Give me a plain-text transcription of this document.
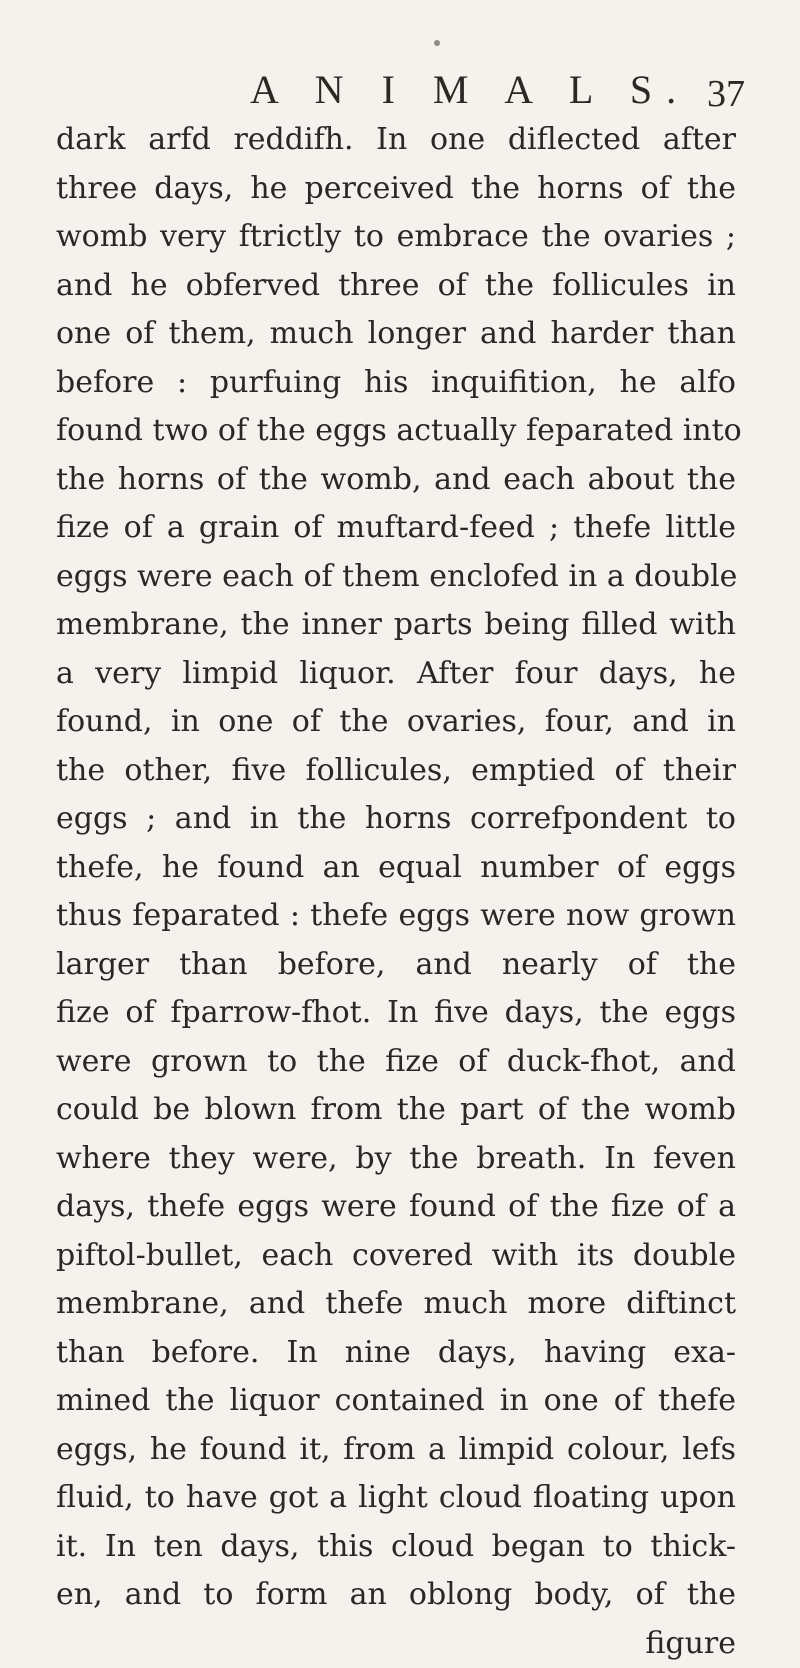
A N I M A L S. 37
dark arfd reddifh. In one diflected after
three days, he perceived the horns of the
womb very ftrictly to embrace the ovaries ;
and he obferved three of the follicules in
one of them, much longer and harder than
before : purfuing his inquifition, he alfo
found two of the eggs actually feparated into
the horns of the womb, and each about the
fize of a grain of muftard-feed ; thefe little
eggs were each of them enclofed in a double
membrane, the inner parts being filled with
a very limpid liquor. After four days, he
found, in one of the ovaries, four, and in
the other, five follicules, emptied of their
eggs ; and in the horns correfpondent to
thefe, he found an equal number of eggs
thus feparated : thefe eggs were now grown
larger than before, and nearly of the
fize of fparrow-fhot. In five days, the eggs
were grown to the fize of duck-fhot, and
could be blown from the part of the womb
where they were, by the breath. In feven
days, thefe eggs were found of the fize of a
piftol-bullet, each covered with its double
membrane, and thefe much more diftinct
than before. In nine days, having exa-
mined the liquor contained in one of thefe
eggs, he found it, from a limpid colour, lefs
fluid, to have got a light cloud floating upon
it. In ten days, this cloud began to thick-
en, and to form an oblong body, of the
figure
